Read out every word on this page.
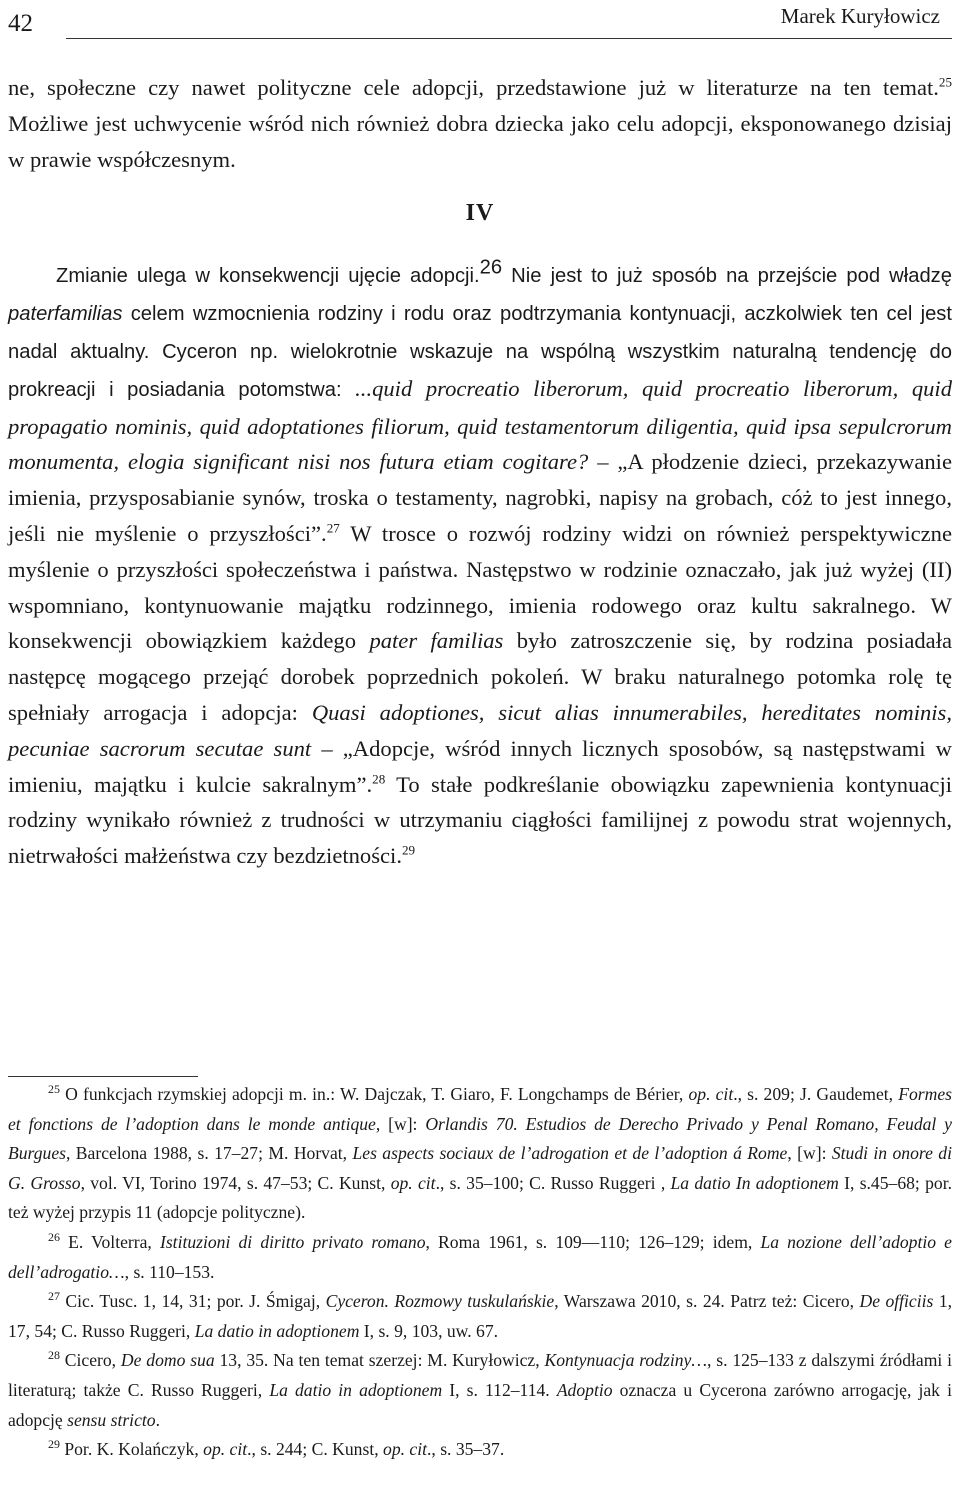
42	Marek Kuryłowicz

ne, społeczne czy nawet polityczne cele adopcji, przedstawione już w literaturze na ten temat.$^{25}$ Możliwe jest uchwycenie wśród nich również dobra dziecka jako celu adopcji, eksponowanego dzisiaj w prawie współczesnym.

IV

Zmianie ulega w konsekwencji ujęcie adopcji.$^{26}$ Nie jest to już sposób na przejście pod władzę paterfamilias celem wzmocnienia rodziny i rodu oraz podtrzymania kontynuacji, aczkolwiek ten cel jest nadal aktualny. Cyceron np. wielokrotnie wskazuje na wspólną wszystkim naturalną tendencję do prokreacji i posiadania potomstwa: ...quid procreatio liberorum, quid procreatio liberorum, quid propagatio nominis, quid adoptationes filiorum, quid testamentorum diligentia, quid ipsa sepulcrorum monumenta, elogia significant nisi nos futura etiam cogitare? – „A płodzenie dzieci, przekazywanie imienia, przysposabianie synów, troska o testamenty, nagrobki, napisy na grobach, cóż to jest innego, jeśli nie myślenie o przyszłości”.$^{27}$ W trosce o rozwój rodziny widzi on również perspektywiczne myślenie o przyszłości społeczeństwa i państwa. Następstwo w rodzinie oznaczało, jak już wyżej (II) wspomniano, kontynuowanie majątku rodzinnego, imienia rodowego oraz kultu sakralnego. W konsekwencji obowiązkiem każdego pater familias było zatroszczenie się, by rodzina posiadała następcę mogącego przejąć dorobek poprzednich pokoleń. W braku naturalnego potomka rolę tę spełniały arrogacja i adopcja: Quasi adoptiones, sicut alias innumerabiles, hereditates nominis, pecuniae sacrorum secutae sunt – „Adopcje, wśród innych licznych sposobów, są następstwami w imieniu, majątku i kulcie sakralnym”.$^{28}$ To stałe podkreślanie obowiązku zapewnienia kontynuacji rodziny wynikało również z trudności w utrzymaniu ciągłości familijnej z powodu strat wojennych, nietrwałości małżeństwa czy bezdzietności.$^{29}$

$^{25}$ O funkcjach rzymskiej adopcji m. in.: W. Dajczak, T. Giaro, F. Longchamps de Bérier, op. cit., s. 209; J. Gaudemet, Formes et fonctions de l’adoption dans le monde antique, [w]: Orlandis 70. Estudios de Derecho Privado y Penal Romano, Feudal y Burgues, Barcelona 1988, s. 17–27; M. Horvat, Les aspects sociaux de l’adrogation et de l’adoption á Rome, [w]: Studi in onore di G. Grosso, vol. VI, Torino 1974, s. 47–53; C. Kunst, op. cit., s. 35–100; C. Russo Ruggeri , La datio In adoptionem I, s.45–68; por. też wyżej przypis 11 (adopcje polityczne).

$^{26}$ E. Volterra, Istituzioni di diritto privato romano, Roma 1961, s. 109—110; 126–129; idem, La nozione dell’adoptio e dell’adrogatio…, s. 110–153.

$^{27}$ Cic. Tusc. 1, 14, 31; por. J. Śmigaj, Cyceron. Rozmowy tuskulańskie, Warszawa 2010, s. 24. Patrz też: Cicero, De officiis 1, 17, 54; C. Russo Ruggeri, La datio in adoptionem I, s. 9, 103, uw. 67.

$^{28}$ Cicero, De domo sua 13, 35. Na ten temat szerzej: M. Kuryłowicz, Kontynuacja rodziny…, s. 125–133 z dalszymi źródłami i literaturą; także C. Russo Ruggeri, La datio in adoptionem I, s. 112–114. Adoptio oznacza u Cycerona zarówno arrogację, jak i adopcję sensu stricto.

$^{29}$ Por. K. Kolańczyk, op. cit., s. 244; C. Kunst, op. cit., s. 35–37.
